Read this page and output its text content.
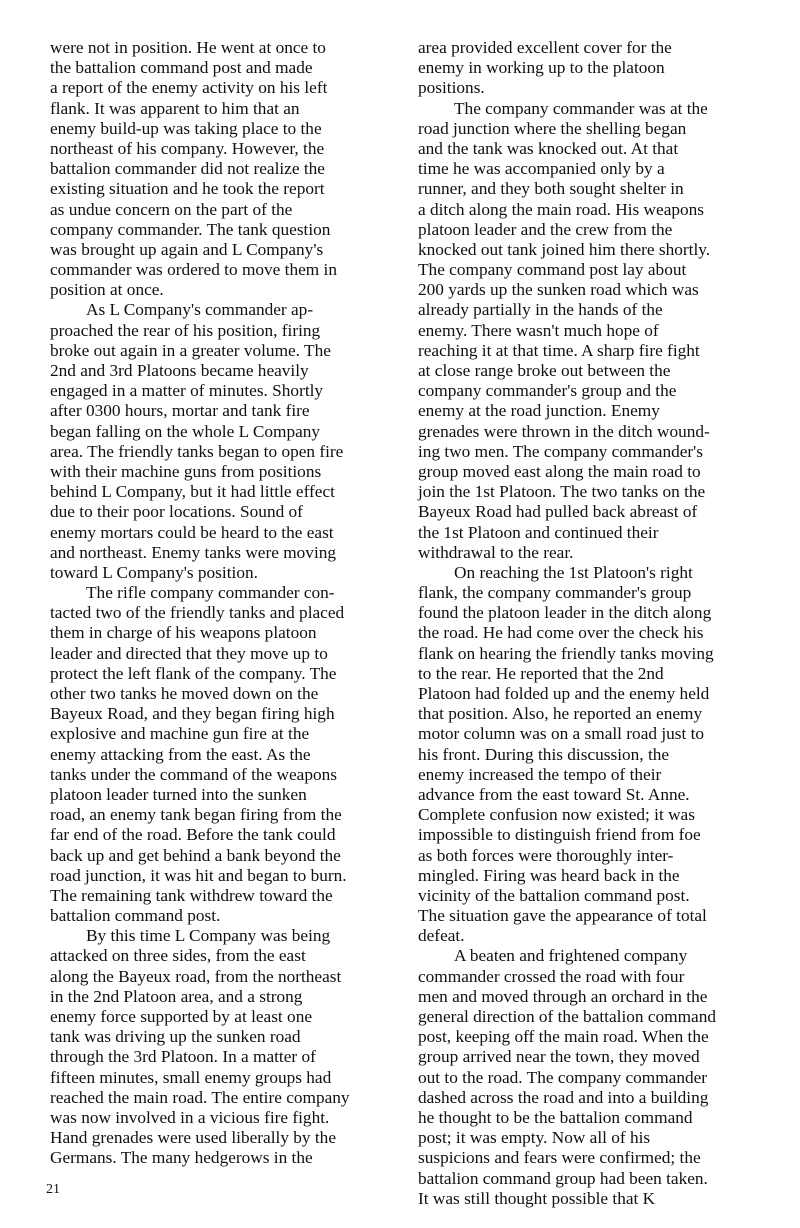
were not in position. He went at once to
the battalion command post and made
a report of the enemy activity on his left
flank. It was apparent to him that an
enemy build-up was taking place to the
northeast of his company. However, the
battalion commander did not realize the
existing situation and he took the report
as undue concern on the part of the
company commander. The tank question
was brought up again and L Company's
commander was ordered to move them in
position at once.
As L Company's commander ap-
proached the rear of his position, firing
broke out again in a greater volume. The
2nd and 3rd Platoons became heavily
engaged in a matter of minutes. Shortly
after 0300 hours, mortar and tank fire
began falling on the whole L Company
area. The friendly tanks began to open fire
with their machine guns from positions
behind L Company, but it had little effect
due to their poor locations. Sound of
enemy mortars could be heard to the east
and northeast. Enemy tanks were moving
toward L Company's position.
The rifle company commander con-
tacted two of the friendly tanks and placed
them in charge of his weapons platoon
leader and directed that they move up to
protect the left flank of the company. The
other two tanks he moved down on the
Bayeux Road, and they began firing high
explosive and machine gun fire at the
enemy attacking from the east. As the
tanks under the command of the weapons
platoon leader turned into the sunken
road, an enemy tank began firing from the
far end of the road. Before the tank could
back up and get behind a bank beyond the
road junction, it was hit and began to burn.
The remaining tank withdrew toward the
battalion command post.
By this time L Company was being
attacked on three sides, from the east
along the Bayeux road, from the northeast
in the 2nd Platoon area, and a strong
enemy force supported by at least one
tank was driving up the sunken road
through the 3rd Platoon. In a matter of
fifteen minutes, small enemy groups had
reached the main road. The entire company
was now involved in a vicious fire fight.
Hand grenades were used liberally by the
Germans. The many hedgerows in the
area provided excellent cover for the
enemy in working up to the platoon
positions.
The company commander was at the
road junction where the shelling began
and the tank was knocked out. At that
time he was accompanied only by a
runner, and they both sought shelter in
a ditch along the main road. His weapons
platoon leader and the crew from the
knocked out tank joined him there shortly.
The company command post lay about
200 yards up the sunken road which was
already partially in the hands of the
enemy. There wasn't much hope of
reaching it at that time. A sharp fire fight
at close range broke out between the
company commander's group and the
enemy at the road junction. Enemy
grenades were thrown in the ditch wound-
ing two men. The company commander's
group moved east along the main road to
join the 1st Platoon. The two tanks on the
Bayeux Road had pulled back abreast of
the 1st Platoon and continued their
withdrawal to the rear.
On reaching the 1st Platoon's right
flank, the company commander's group
found the platoon leader in the ditch along
the road. He had come over the check his
flank on hearing the friendly tanks moving
to the rear. He reported that the 2nd
Platoon had folded up and the enemy held
that position. Also, he reported an enemy
motor column was on a small road just to
his front. During this discussion, the
enemy increased the tempo of their
advance from the east toward St. Anne.
Complete confusion now existed; it was
impossible to distinguish friend from foe
as both forces were thoroughly inter-
mingled. Firing was heard back in the
vicinity of the battalion command post.
The situation gave the appearance of total
defeat.
A beaten and frightened company
commander crossed the road with four
men and moved through an orchard in the
general direction of the battalion command
post, keeping off the main road. When the
group arrived near the town, they moved
out to the road. The company commander
dashed across the road and into a building
he thought to be the battalion command
post; it was empty. Now all of his
suspicions and fears were confirmed; the
battalion command group had been taken.
It was still thought possible that K
21
